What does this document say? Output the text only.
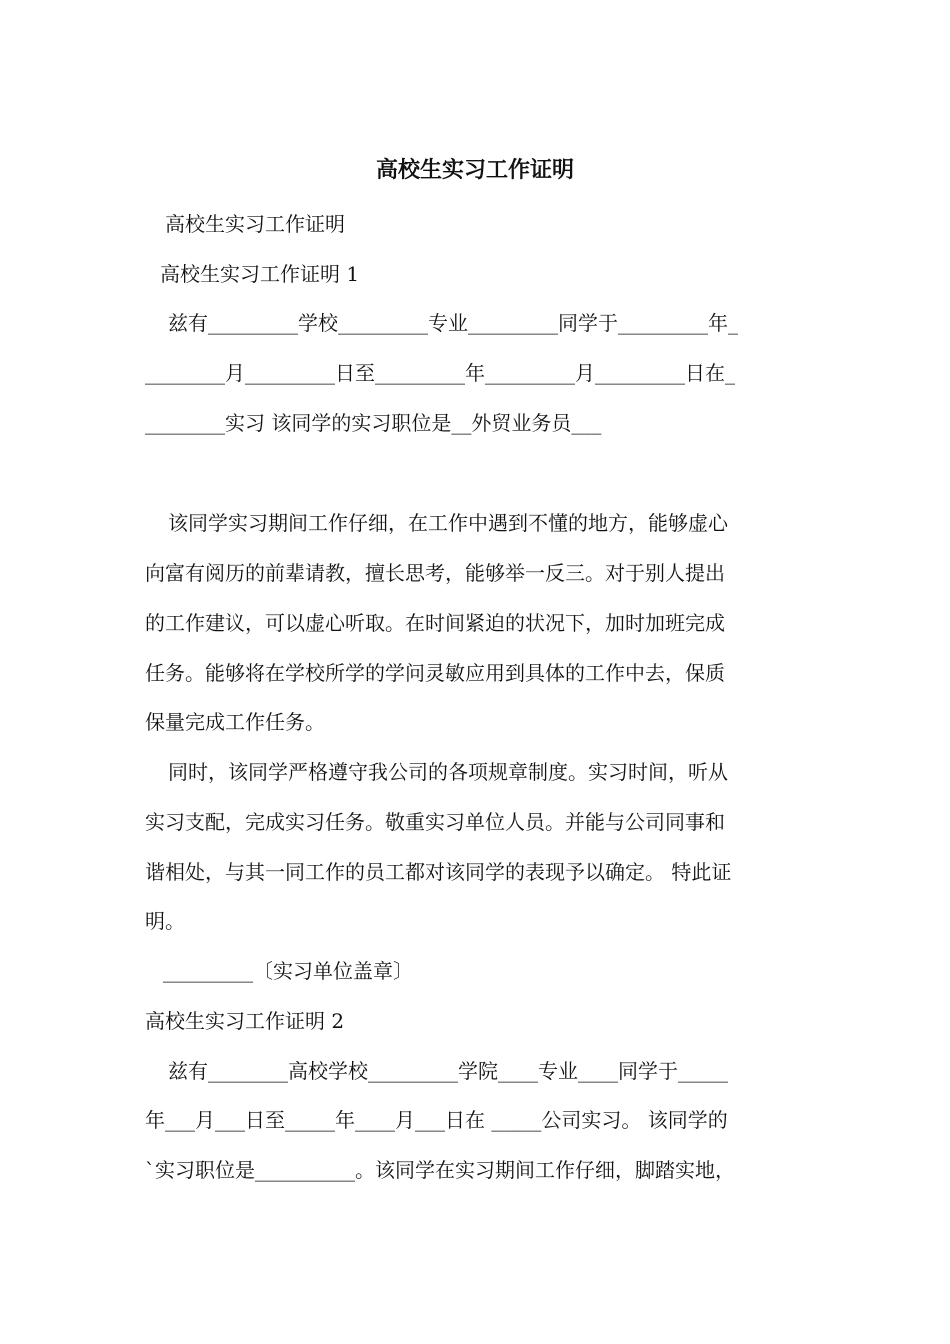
高校生实习工作证明
高校生实习工作证明
高校生实习工作证明 1
兹有_________学校_________专业_________同学于_________年_
________月_________日至_________年_________月_________日在_
________实习 该同学的实习职位是__外贸业务员___
该同学实习期间工作仔细，在工作中遇到不懂的地方，能够虚心
向富有阅历的前辈请教，擅长思考，能够举一反三。对于别人提出
的工作建议，可以虚心听取。在时间紧迫的状况下，加时加班完成
任务。能够将在学校所学的学问灵敏应用到具体的工作中去，保质
保量完成工作任务。
同时，该同学严格遵守我公司的各项规章制度。实习时间，听从
实习支配，完成实习任务。敬重实习单位人员。并能与公司同事和
谐相处，与其一同工作的员工都对该同学的表现予以确定。 特此证
明。
_________〔实习单位盖章〕
高校生实习工作证明 2
兹有________高校学校_________学院____专业____同学于_____
年___月___日至_____年____月___日在 _____公司实习。 该同学的
`实习职位是__________。该同学在实习期间工作仔细，脚踏实地，
